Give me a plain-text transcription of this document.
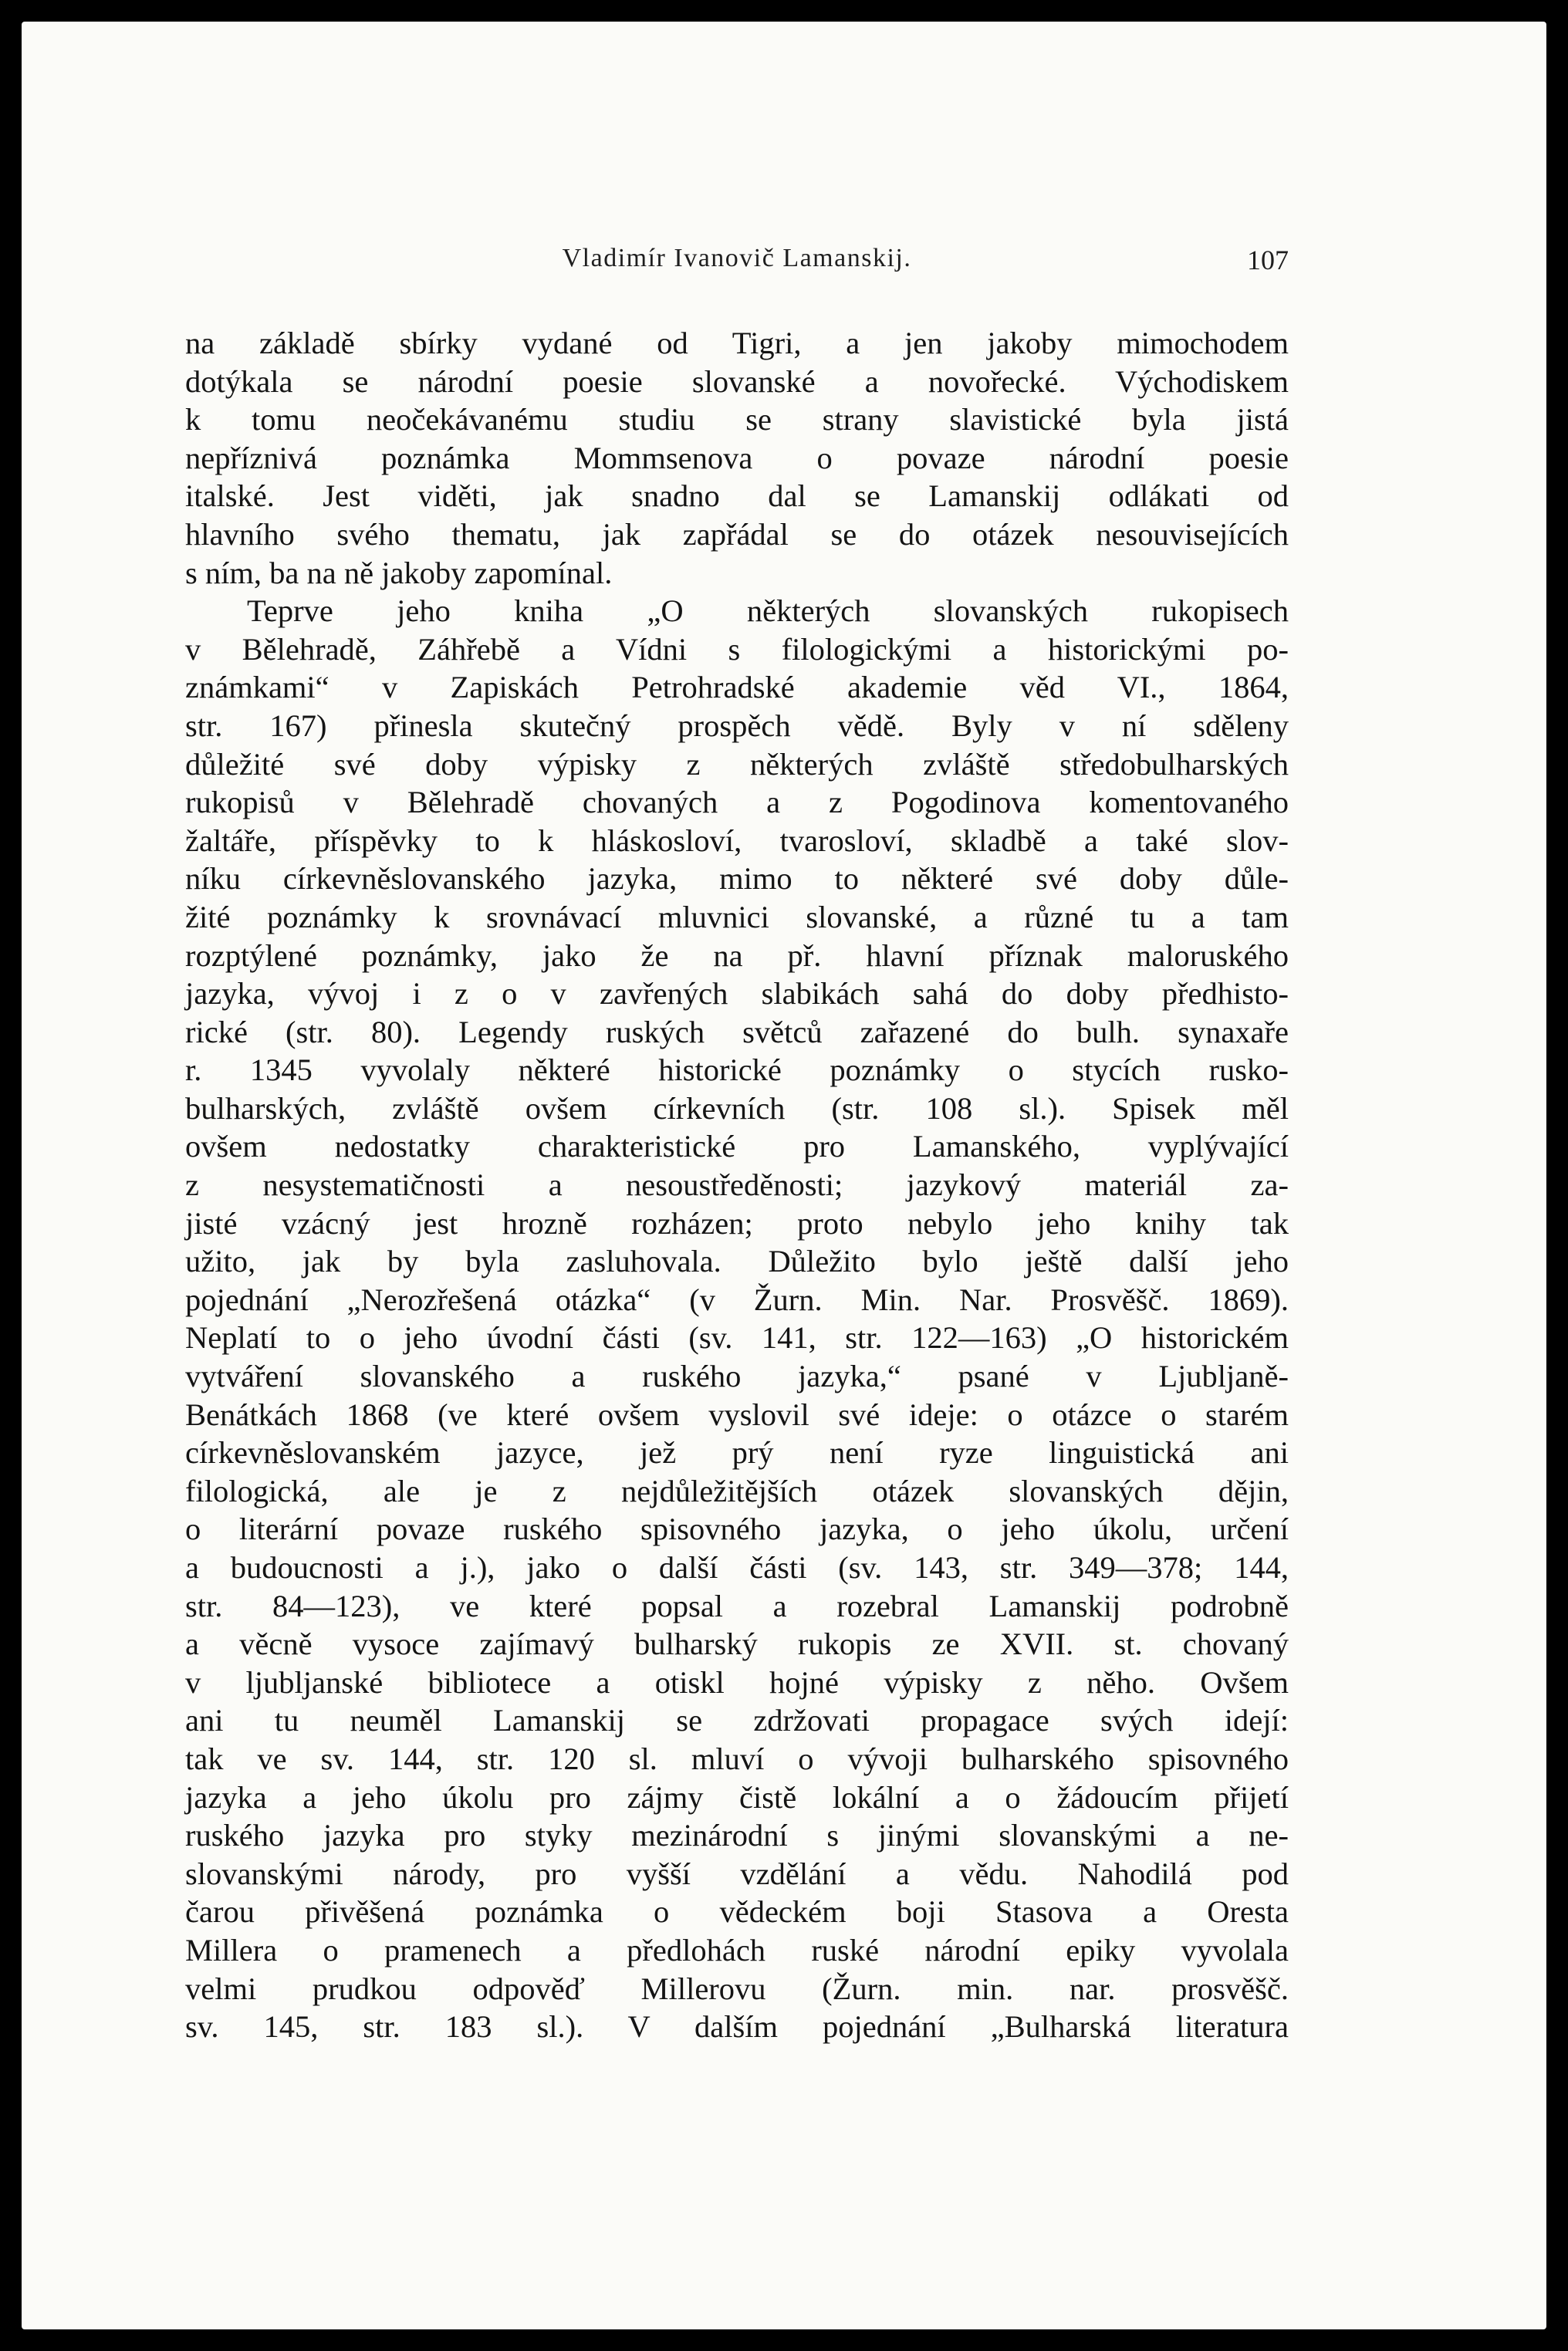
Vladimír Ivanovič Lamanskij.	107
na základě sbírky vydané od Tigri, a jen jakoby mimochodem
dotýkala se národní poesie slovanské a novořecké. Východiskem
k tomu neočekávanému studiu se strany slavistické byla jistá
nepříznivá poznámka Mommsenova o povaze národní poesie
italské. Jest viděti, jak snadno dal se Lamanskij odlákati od
hlavního svého thematu, jak zapřádal se do otázek nesouvisejících
s ním, ba na ně jakoby zapomínal.
Teprve jeho kniha „O některých slovanských rukopisech
v Bělehradě, Záhřebě a Vídni s filologickými a historickými po-
známkami“ v Zapiskách Petrohradské akademie věd VI., 1864,
str. 167) přinesla skutečný prospěch vědě. Byly v ní sděleny
důležité své doby výpisky z některých zvláště středobulharských
rukopisů v Bělehradě chovaných a z Pogodinova komentovaného
žaltáře, příspěvky to k hláskosloví, tvarosloví, skladbě a také slov-
níku církevněslovanského jazyka, mimo to některé své doby důle-
žité poznámky k srovnávací mluvnici slovanské, a různé tu a tam
rozptýlené poznámky, jako že na př. hlavní příznak maloruského
jazyka, vývoj i z o v zavřených slabikách sahá do doby předhisto-
rické (str. 80). Legendy ruských světců zařazené do bulh. synaxaře
r. 1345 vyvolaly některé historické poznámky o stycích rusko-
bulharských, zvláště ovšem církevních (str. 108 sl.). Spisek měl
ovšem nedostatky charakteristické pro Lamanského, vyplývající
z nesystematičnosti a nesoustředěnosti; jazykový materiál za-
jisté vzácný jest hrozně rozházen; proto nebylo jeho knihy tak
užito, jak by byla zasluhovala. Důležito bylo ještě další jeho
pojednání „Nerozřešená otázka“ (v Žurn. Min. Nar. Prosvěšč. 1869).
Neplatí to o jeho úvodní části (sv. 141, str. 122—163) „O historickém
vytváření slovanského a ruského jazyka,“ psané v Ljubljaně-
Benátkách 1868 (ve které ovšem vyslovil své ideje: o otázce o starém
církevněslovanském jazyce, jež prý není ryze linguistická ani
filologická, ale je z nejdůležitějších otázek slovanských dějin,
o literární povaze ruského spisovného jazyka, o jeho úkolu, určení
a budoucnosti a j.), jako o další části (sv. 143, str. 349—378; 144,
str. 84—123), ve které popsal a rozebral Lamanskij podrobně
a věcně vysoce zajímavý bulharský rukopis ze XVII. st. chovaný
v ljubljanské bibliotece a otiskl hojné výpisky z něho. Ovšem
ani tu neuměl Lamanskij se zdržovati propagace svých idejí:
tak ve sv. 144, str. 120 sl. mluví o vývoji bulharského spisovného
jazyka a jeho úkolu pro zájmy čistě lokální a o žádoucím přijetí
ruského jazyka pro styky mezinárodní s jinými slovanskými a ne-
slovanskými národy, pro vyšší vzdělání a vědu. Nahodilá pod
čarou přivěšená poznámka o vědeckém boji Stasova a Oresta
Millera o pramenech a předlohách ruské národní epiky vyvolala
velmi prudkou odpověď Millerovu (Žurn. min. nar. prosvěšč.
sv. 145, str. 183 sl.). V dalším pojednání „Bulharská literatura
